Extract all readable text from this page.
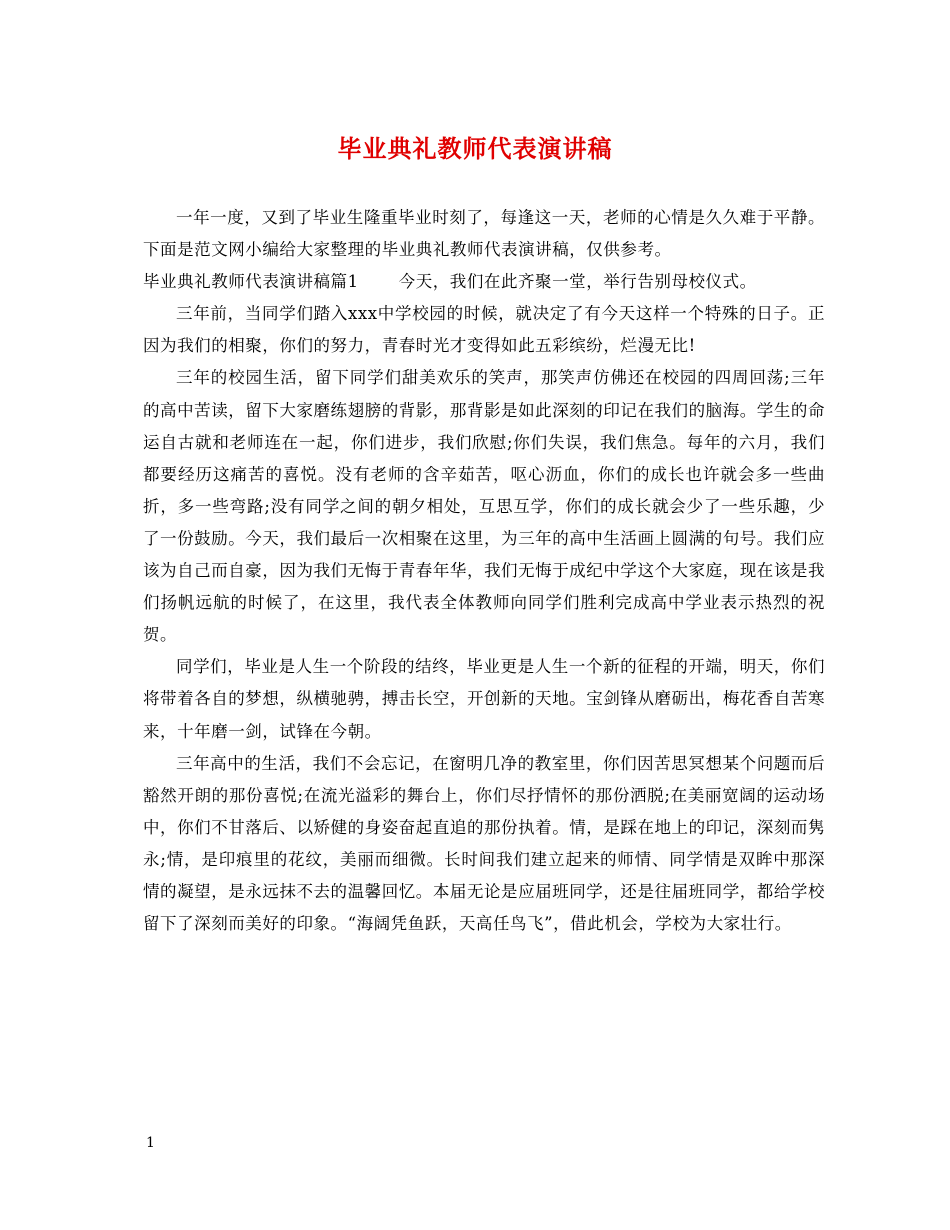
毕业典礼教师代表演讲稿

一年一度，又到了毕业生隆重毕业时刻了，每逢这一天，老师的心情是久久难于平静。 下面是范文网小编给大家整理的毕业典礼教师代表演讲稿，仅供参考。

毕业典礼教师代表演讲稿篇1 今天，我们在此齐聚一堂，举行告别母校仪式。

三年前，当同学们踏入xxx中学校园的时候，就决定了有今天这样一个特殊的日子。正因为我们的相聚，你们的努力，青春时光才变得如此五彩缤纷，烂漫无比!

三年的校园生活，留下同学们甜美欢乐的笑声，那笑声仿佛还在校园的四周回荡;三年的高中苦读，留下大家磨练翅膀的背影，那背影是如此深刻的印记在我们的脑海。学生的命运自古就和老师连在一起，你们进步，我们欣慰;你们失误，我们焦急。每年的六月，我们都要经历这痛苦的喜悦。没有老师的含辛茹苦，呕心沥血，你们的成长也许就会多一些曲折，多一些弯路;没有同学之间的朝夕相处，互思互学，你们的成长就会少了一些乐趣，少了一份鼓励。今天，我们最后一次相聚在这里，为三年的高中生活画上圆满的句号。我们应该为自己而自豪，因为我们无悔于青春年华，我们无悔于成纪中学这个大家庭，现在该是我们扬帆远航的时候了，在这里，我代表全体教师向同学们胜利完成高中学业表示热烈的祝贺。

同学们，毕业是人生一个阶段的结终，毕业更是人生一个新的征程的开端，明天，你们将带着各自的梦想，纵横驰骋，搏击长空，开创新的天地。宝剑锋从磨砺出，梅花香自苦寒来，十年磨一剑，试锋在今朝。

三年高中的生活，我们不会忘记，在窗明几净的教室里，你们因苦思冥想某个问题而后豁然开朗的那份喜悦;在流光溢彩的舞台上，你们尽抒情怀的那份洒脱;在美丽宽阔的运动场中，你们不甘落后、以矫健的身姿奋起直追的那份执着。情，是踩在地上的印记，深刻而隽永;情，是印痕里的花纹，美丽而细微。长时间我们建立起来的师情、同学情是双眸中那深情的凝望，是永远抹不去的温馨回忆。本届无论是应届班同学，还是往届班同学，都给学校留下了深刻而美好的印象。“海阔凭鱼跃，天高任鸟飞”，借此机会，学校为大家壮行。

1
